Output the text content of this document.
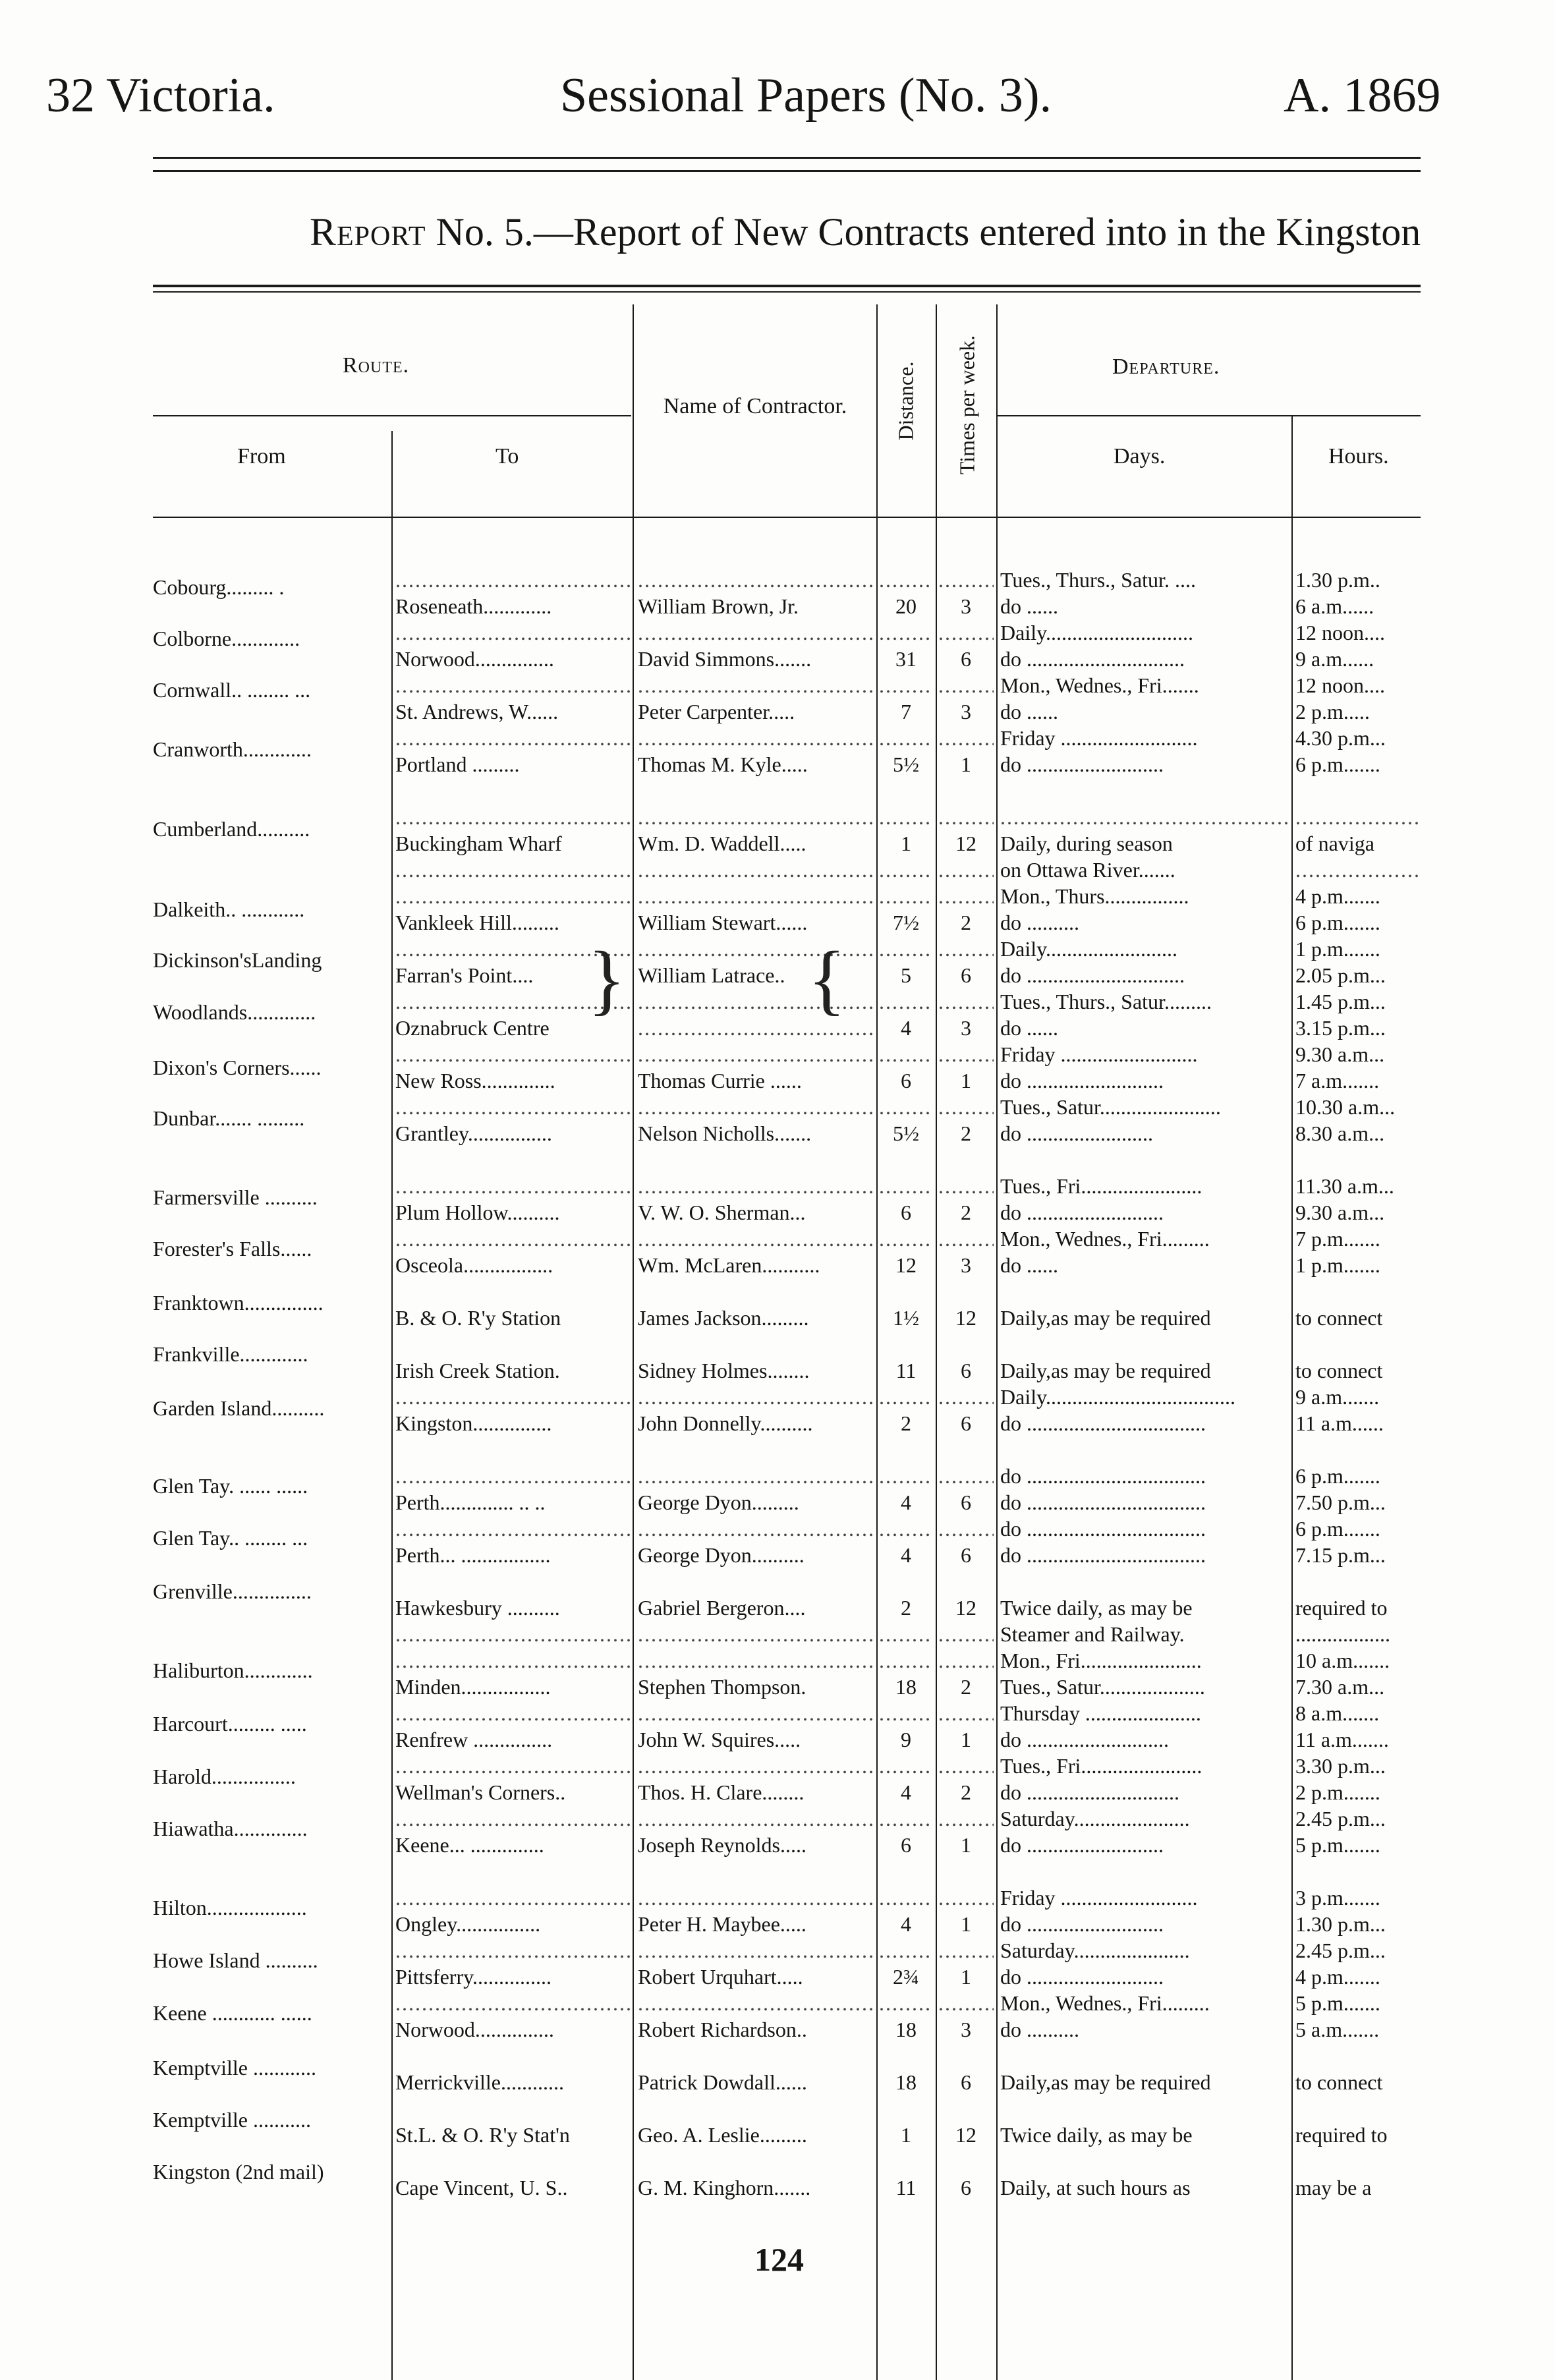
32 Victoria.	Sessional Papers (No. 3).	A. 1869
Report No. 5.—Report of New Contracts entered into in the Kingston
Route.
From	To
Name of Contractor.	Distance. Times per week.	Departure.
Days.	Hours.
Cobourg......... .
Colborne.............
Cornwall.. ........ ...
Cranworth.............
Cumberland..........
Dalkeith.. ............
Dickinson'sLanding
Woodlands.............
Dixon's Corners......
Dunbar....... .........
Farmersville ..........
Forester's Falls......
Franktown...............
Frankville.............
Garden Island..........
Glen Tay. ...... ......
Glen Tay.. ........ ...
Grenville...............
Haliburton.............
Harcourt......... .....
Harold................
Hiawatha..............
Hilton...................
Howe Island ..........
Keene ............ ......
Kemptville ............
Kemptville ...........
Kingston (2nd mail)
.....
.....
.....
.....
Tues., Thurs., Satur. ....	1.30 p.m..
Roseneath.............	William Brown, Jr.	20	3	do ......	6 a.m......
.....
.....
.....
.....
Daily............................	12 noon....
Norwood...............	David Simmons.......	31	6	do ..............................	9 a.m......
.....
.....
.....
.....
Mon., Wednes., Fri.......	12 noon....
St. Andrews, W......	Peter Carpenter.....	7	3	do ......	2 p.m.....
.....
.....
.....
.....
Friday ..........................	4.30 p.m...
Portland .........	Thomas M. Kyle.....	5½	1	do ..........................	6 p.m.......
.....
.....
.....
.....
.....
.....
Buckingham Wharf	Wm. D. Waddell.....	1	12	Daily, during season	of naviga
.....
.....
.....
.....
on Ottawa River.......
.....
.....
.....
.....
.....
Mon., Thurs................	4 p.m.......
Vankleek Hill.........	William Stewart......	7½	2	do ..........	6 p.m.......
.....
.....
.....
.....
Daily.........................	1 p.m.......
Farran's Point....	William Latrace..	5	6	do ..............................	2.05 p.m...
.....
.....
.....
.....
Tues., Thurs., Satur.........	1.45 p.m...
Oznabruck Centre
.....	4	3	do ......	3.15 p.m...
.....
.....
.....
.....
Friday ..........................	9.30 a.m...
New Ross..............	Thomas Currie ......	6	1	do ..........................	7 a.m.......
.....
.....
.....
.....
Tues., Satur.......................	10.30 a.m...
Grantley................	Nelson Nicholls.......	5½	2	do ........................	8.30 a.m...
.....
.....
.....
.....
Tues., Fri.......................	11.30 a.m...
Plum Hollow..........	V. W. O. Sherman...	6	2	do ..........................	9.30 a.m...
.....
.....
.....
.....
Mon., Wednes., Fri.........	7 p.m.......
Osceola.................	Wm. McLaren...........	12	3	do ......	1 p.m.......
B. & O. R'y Station	James Jackson.........	1½	12	Daily,as may be required	to connect
Irish Creek Station.	Sidney Holmes........	11	6	Daily,as may be required	to connect
.....
.....
.....
.....
Daily....................................	9 a.m.......
Kingston...............	John Donnelly..........	2	6	do ..................................	11 a.m......
.....
.....
.....
.....
do ..................................	6 p.m.......
Perth.............. .. ..	George Dyon.........	4	6	do ..................................	7.50 p.m...
.....
.....
.....
.....
do ..................................	6 p.m.......
Perth... .................	George Dyon..........	4	6	do ..................................	7.15 p.m...
Hawkesbury ..........	Gabriel Bergeron....	2	12	Twice daily, as may be	required to
.....
.....
.....
.....
Steamer and Railway.	..................
.....
.....
.....
.....
Mon., Fri.......................	10 a.m.......
Minden.................	Stephen Thompson.	18	2	Tues., Satur....................	7.30 a.m...
.....
.....
.....
.....
Thursday ......................	8 a.m.......
Renfrew ...............	John W. Squires.....	9	1	do ...........................	11 a.m.......
.....
.....
.....
.....
Tues., Fri.......................	3.30 p.m...
Wellman's Corners..	Thos. H. Clare........	4	2	do .............................	2 p.m.......
.....
.....
.....
.....
Saturday......................	2.45 p.m...
Keene... ..............	Joseph Reynolds.....	6	1	do ..........................	5 p.m.......
.....
.....
.....
.....
Friday ..........................	3 p.m.......
Ongley................	Peter H. Maybee.....	4	1	do ..........................	1.30 p.m...
.....
.....
.....
.....
Saturday......................	2.45 p.m...
Pittsferry...............	Robert Urquhart.....	2¾	1	do ..........................	4 p.m.......
.....
.....
.....
.....
Mon., Wednes., Fri.........	5 p.m.......
Norwood...............	Robert Richardson..	18	3	do ..........	5 a.m.......
Merrickville............	Patrick Dowdall......	18	6	Daily,as may be required	to connect
St.L. & O. R'y Stat'n	Geo. A. Leslie.........	1	12	Twice daily, as may be	required to
Cape Vincent, U. S..	G. M. Kinghorn.......	11	6	Daily, at such hours as	may be a
} {
124
